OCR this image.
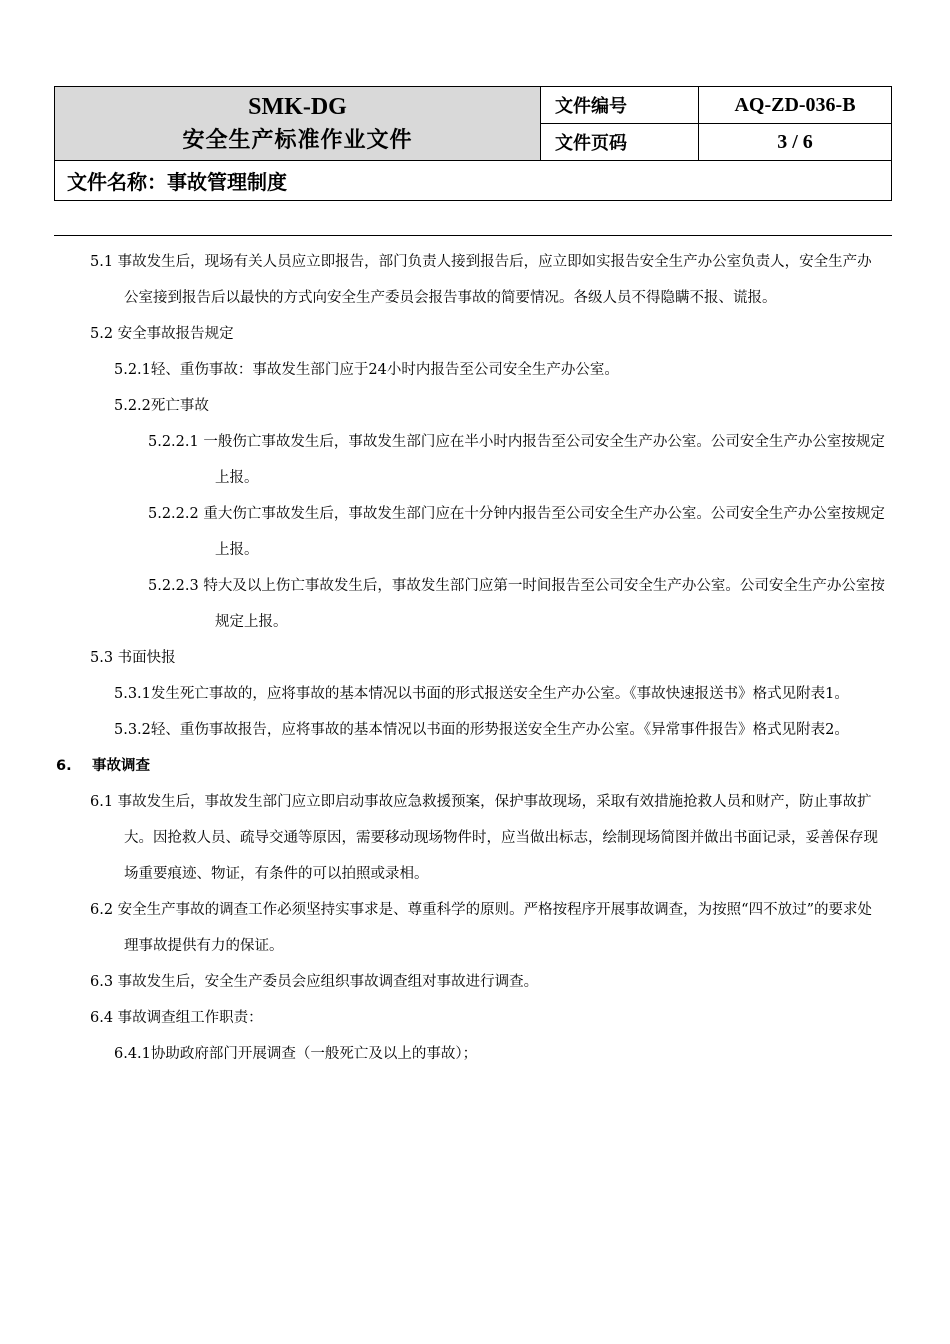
SMK-DG
安全生产标准作业文件	文件编号	AQ-ZD-036-B
	文件页码	3 / 6
文件名称：事故管理制度		

5.1 事故发生后，现场有关人员应立即报告，部门负责人接到报告后，应立即如实报告安全生产办公室负责人，安全生产办公室接到报告后以最快的方式向安全生产委员会报告事故的简要情况。各级人员不得隐瞒不报、谎报。

5.2 安全事故报告规定

5.2.1轻、重伤事故：事故发生部门应于24小时内报告至公司安全生产办公室。

5.2.2死亡事故

5.2.2.1 一般伤亡事故发生后，事故发生部门应在半小时内报告至公司安全生产办公室。公司安全生产办公室按规定上报。

5.2.2.2 重大伤亡事故发生后，事故发生部门应在十分钟内报告至公司安全生产办公室。公司安全生产办公室按规定上报。

5.2.2.3 特大及以上伤亡事故发生后，事故发生部门应第一时间报告至公司安全生产办公室。公司安全生产办公室按规定上报。

5.3 书面快报

5.3.1发生死亡事故的，应将事故的基本情况以书面的形式报送安全生产办公室。《事故快速报送书》格式见附表1。

5.3.2轻、重伤事故报告，应将事故的基本情况以书面的形势报送安全生产办公室。《异常事件报告》格式见附表2。

6. 事故调查

6.1 事故发生后，事故发生部门应立即启动事故应急救援预案，保护事故现场，采取有效措施抢救人员和财产，防止事故扩大。因抢救人员、疏导交通等原因，需要移动现场物件时，应当做出标志，绘制现场简图并做出书面记录，妥善保存现场重要痕迹、物证，有条件的可以拍照或录相。

6.2 安全生产事故的调查工作必须坚持实事求是、尊重科学的原则。严格按程序开展事故调查，为按照“四不放过”的要求处理事故提供有力的保证。

6.3 事故发生后，安全生产委员会应组织事故调查组对事故进行调查。

6.4 事故调查组工作职责：

6.4.1协助政府部门开展调查（一般死亡及以上的事故）；
